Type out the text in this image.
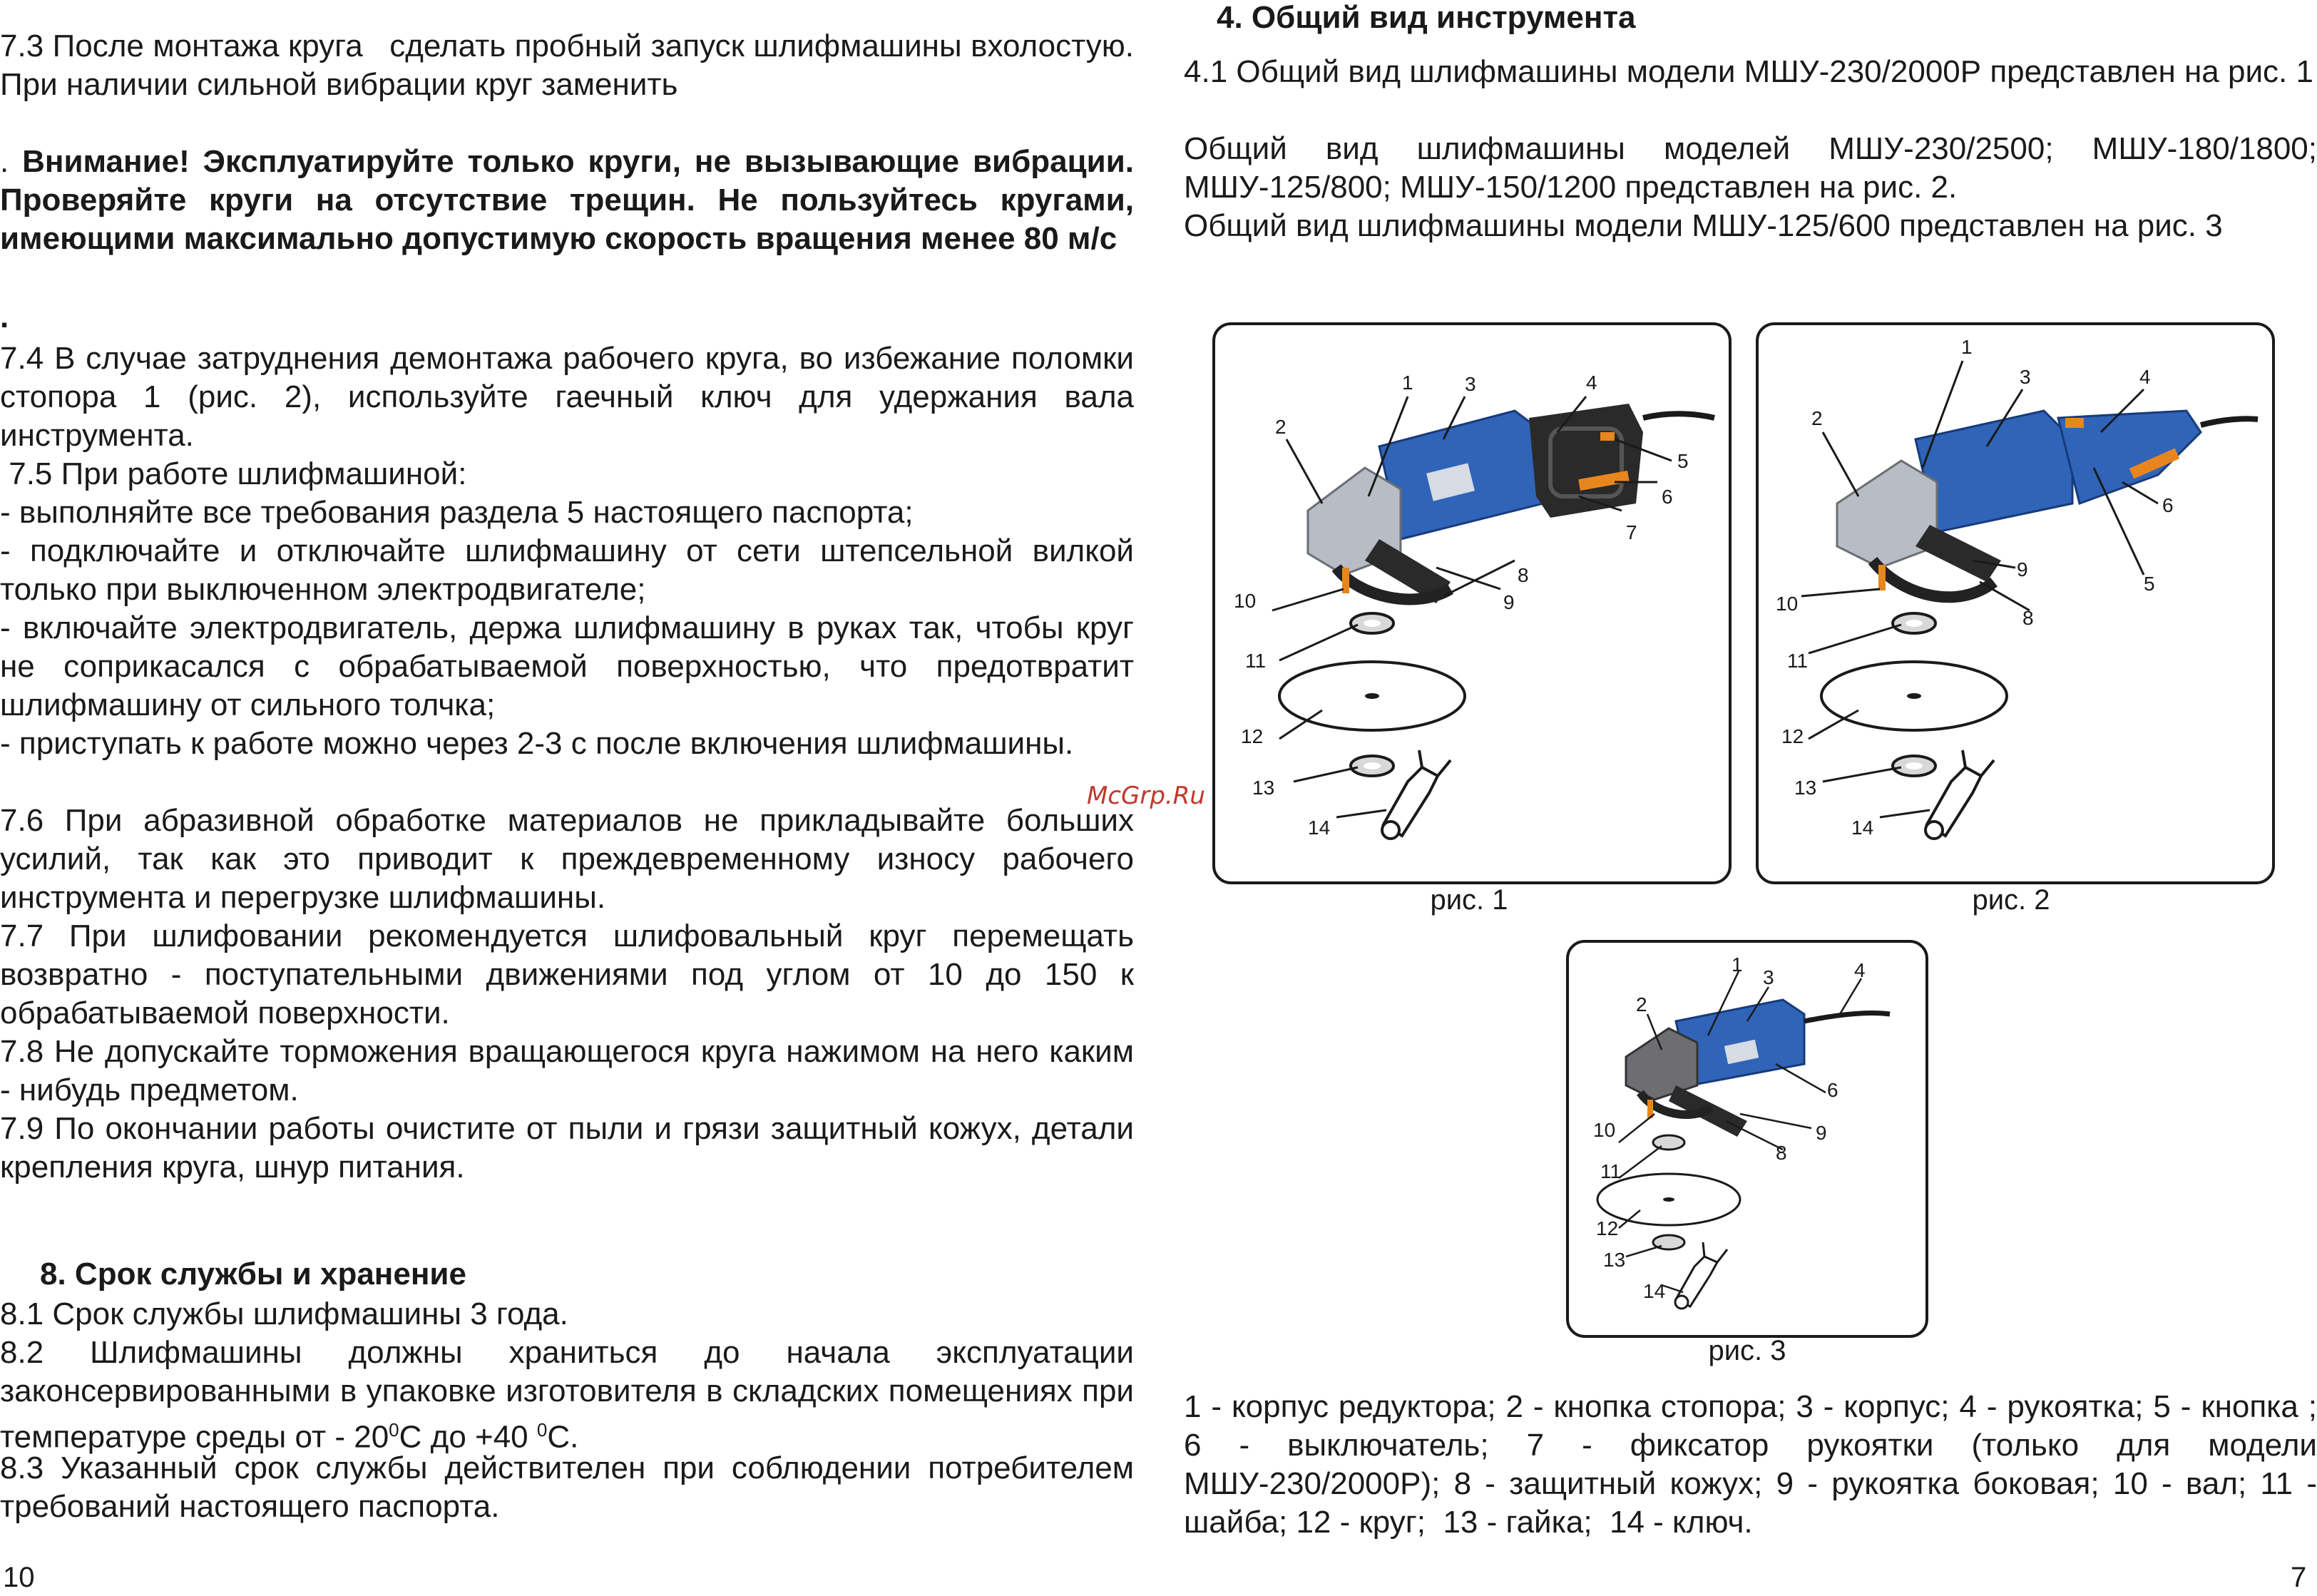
7.3 После монтажа круга   сделать пробный запуск шлифмашины вхолостую. При наличии сильной вибрации круг заменить

. Внимание! Эксплуатируйте только круги, не вызывающие вибрации. Проверяйте круги на отсутствие трещин. Не пользуйтесь кругами, имеющими максимально допустимую скорость вращения менее 80 м/с

.

7.4 В случае затруднения демонтажа рабочего круга, во избежание поломки стопора 1 (рис. 2), используйте гаечный ключ для удержания вала инструмента.

7.5 При работе шлифмашиной:

- выполняйте все требования раздела 5 настоящего паспорта;

- подключайте и отключайте шлифмашину от сети штепсельной вилкой только при выключенном электродвигателе;

- включайте электродвигатель, держа шлифмашину в руках так, чтобы круг не соприкасался с обрабатываемой поверхностью, что предотвратит шлифмашину от сильного толчка;

- приступать к работе можно через 2-3 с после включения шлифмашины.

7.6 При абразивной обработке материалов не прикладывайте больших усилий, так как это приводит к преждевременному износу рабочего инструмента и перегрузке шлифмашины.

7.7 При шлифовании рекомендуется шлифовальный круг перемещать возвратно - поступательными движениями под углом от 10 до 150 к обрабатываемой поверхности.

7.8 Не допускайте торможения вращающегося круга нажимом на него каким - нибудь предметом.

7.9 По окончании работы очистите от пыли и грязи защитный кожух, детали крепления круга, шнур питания.

8. Срок службы и хранение

8.1 Срок службы шлифмашины 3 года.

8.2 Шлифмашины должны храниться до начала эксплуатации законсервированными в упаковке изготовителя в складских помещениях при температуре среды от - $20^0С$ до +40 $^0$С.

8.3 Указанный срок службы действителен при соблюдении потребителем требований настоящего паспорта.

10

4. Общий вид инструмента

4.1 Общий вид шлифмашины модели МШУ-230/2000Р представлен на рис. 1

Общий вид шлифмашины моделей МШУ-230/2500; МШУ-180/1800; МШУ-125/800; МШУ-150/1200 представлен на рис. 2.

Общий вид шлифмашины модели МШУ-125/600 представлен на рис. 3

1
2
3	4
5
6
7
8
9
10
11
12
13
14
рис. 1
1
2
3	4
5
6
8
9
10
11
12
13
14
рис. 2
1
2
3	4
6
8
9
10
11
12
13
14
рис. 3

1 - корпус редуктора; 2 - кнопка стопора; 3 - корпус; 4 - рукоятка; 5 - кнопка ; 6 - выключатель; 7 - фиксатор рукоятки (только для модели МШУ-230/2000Р); 8 - защитный кожух; 9 - рукоятка боковая; 10 - вал; 11 - шайба; 12 - круг;  13 - гайка;  14 - ключ.

7
McGrp.Ru
